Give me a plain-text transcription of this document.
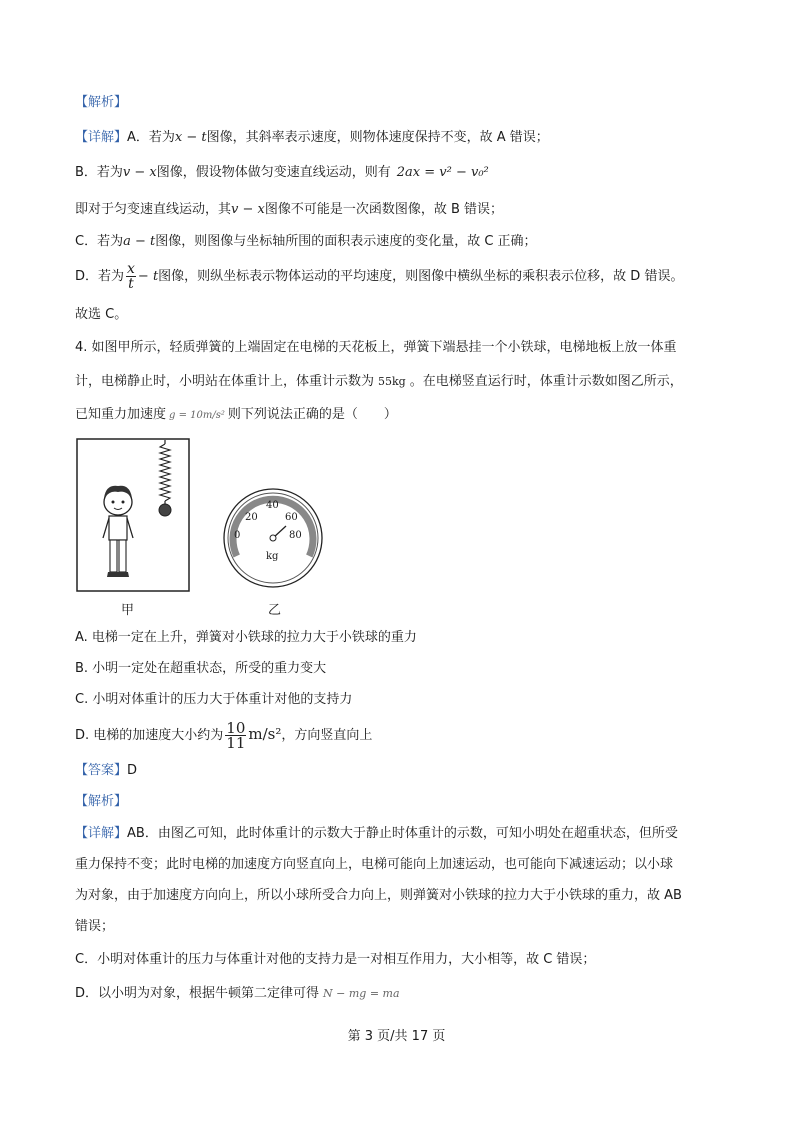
【解析】
【详解】A．若为x − t图像，其斜率表示速度，则物体速度保持不变，故 A 错误；
B．若为v − x图像，假设物体做匀变速直线运动，则有 2ax = v² − v₀²
即对于匀变速直线运动，其v − x图像不可能是一次函数图像，故 B 错误；
C．若为a − t图像，则图像与坐标轴所围的面积表示速度的变化量，故 C 正确；
D．若为 $\frac{x}{t} - t$图像，则纵坐标表示物体运动的平均速度，则图像中横纵坐标的乘积表示位移，故 D 错误。
故选 C。
4. 如图甲所示，轻质弹簧的上端固定在电梯的天花板上，弹簧下端悬挂一个小铁球，电梯地板上放一体重
计，电梯静止时，小明站在体重计上，体重计示数为 55kg 。在电梯竖直运行时，体重计示数如图乙所示，
已知重力加速度 g = 10m/s² 则下列说法正确的是（　　）
甲
0
20
40
60
80
kg
乙
A. 电梯一定在上升，弹簧对小铁球的拉力大于小铁球的重力
B. 小明一定处在超重状态，所受的重力变大
C. 小明对体重计的压力大于体重计对他的支持力
D. 电梯的加速度大小约为 $\frac{10}{11} m/s^2$，方向竖直向上
【答案】D
【解析】
【详解】AB．由图乙可知，此时体重计的示数大于静止时体重计的示数，可知小明处在超重状态，但所受
重力保持不变；此时电梯的加速度方向竖直向上，电梯可能向上加速运动，也可能向下减速运动；以小球
为对象，由于加速度方向向上，所以小球所受合力向上，则弹簧对小铁球的拉力大于小铁球的重力，故 AB
错误；
C．小明对体重计的压力与体重计对他的支持力是一对相互作用力，大小相等，故 C 错误；
D．以小明为对象，根据牛顿第二定律可得 N − mg = ma
第 3 页/共 17 页
